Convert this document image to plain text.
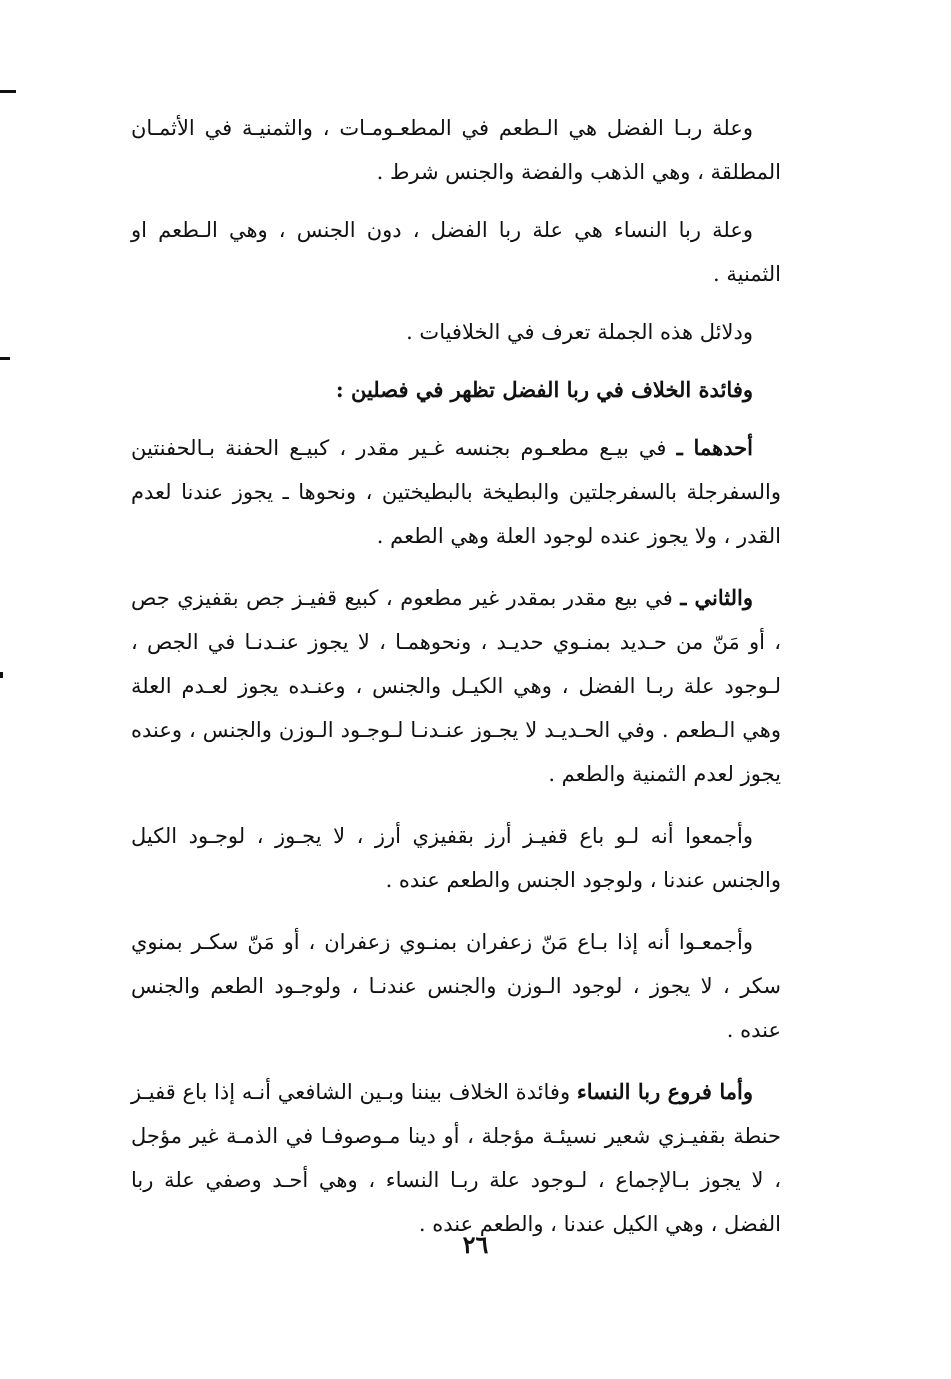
وعلة ربـا الفضل هي الـطعم في المطعـومـات ، والثمنيـة في الأثمـان المطلقة ، وهي الذهب والفضة والجنس شرط .

وعلة ربا النساء هي علة ربا الفضل ، دون الجنس ، وهي الـطعم او الثمنية .

ودلائل هذه الجملة تعرف في الخلافيات .

وفائدة الخلاف في ربا الفضل تظهر في فصلين :

أحدهما ـ في بيـع مطعـوم بجنسه غـير مقدر ، كبيـع الحفنة بـالحفنتين والسفرجلة بالسفرجلتين والبطيخة بالبطيختين ، ونحوها ـ يجوز عندنا لعدم القدر ، ولا يجوز عنده لوجود العلة وهي الطعم .

والثاني ـ في بيع مقدر بمقدر غير مطعوم ، كبيع قفيـز جص بقفيزي جص ، أو مَنّ من حـديد بمنـوي حديـد ، ونحوهمـا ، لا يجوز عنـدنـا في الجص ، لـوجود علة ربـا الفضل ، وهي الكيـل والجنس ، وعنـده يجوز لعـدم العلة وهي الـطعم . وفي الحـديـد لا يجـوز عنـدنـا لـوجـود الـوزن والجنس ، وعنده يجوز لعدم الثمنية والطعم .

وأجمعوا أنه لـو باع قفيـز أرز بقفيزي أرز ، لا يجـوز ، لوجـود الكيل والجنس عندنا ، ولوجود الجنس والطعم عنده .

وأجمعـوا أنه إذا بـاع مَنّ زعفران بمنـوي زعفران ، أو مَنّ سكـر بمنوي سكر ، لا يجوز ، لوجود الـوزن والجنس عندنـا ، ولوجـود الطعم والجنس عنده .

وأما فروع ربا النساء وفائدة الخلاف بيننا وبـين الشافعي أنـه إذا باع قفيـز حنطة بقفيـزي شعير نسيئـة مؤجلة ، أو دينا مـوصوفـا في الذمـة غير مؤجل ، لا يجوز بـالإجماع ، لـوجود علة ربـا النساء ، وهي أحـد وصفي علة ربا الفضل ، وهي الكيل عندنا ، والطعم عنده .

٢٦
